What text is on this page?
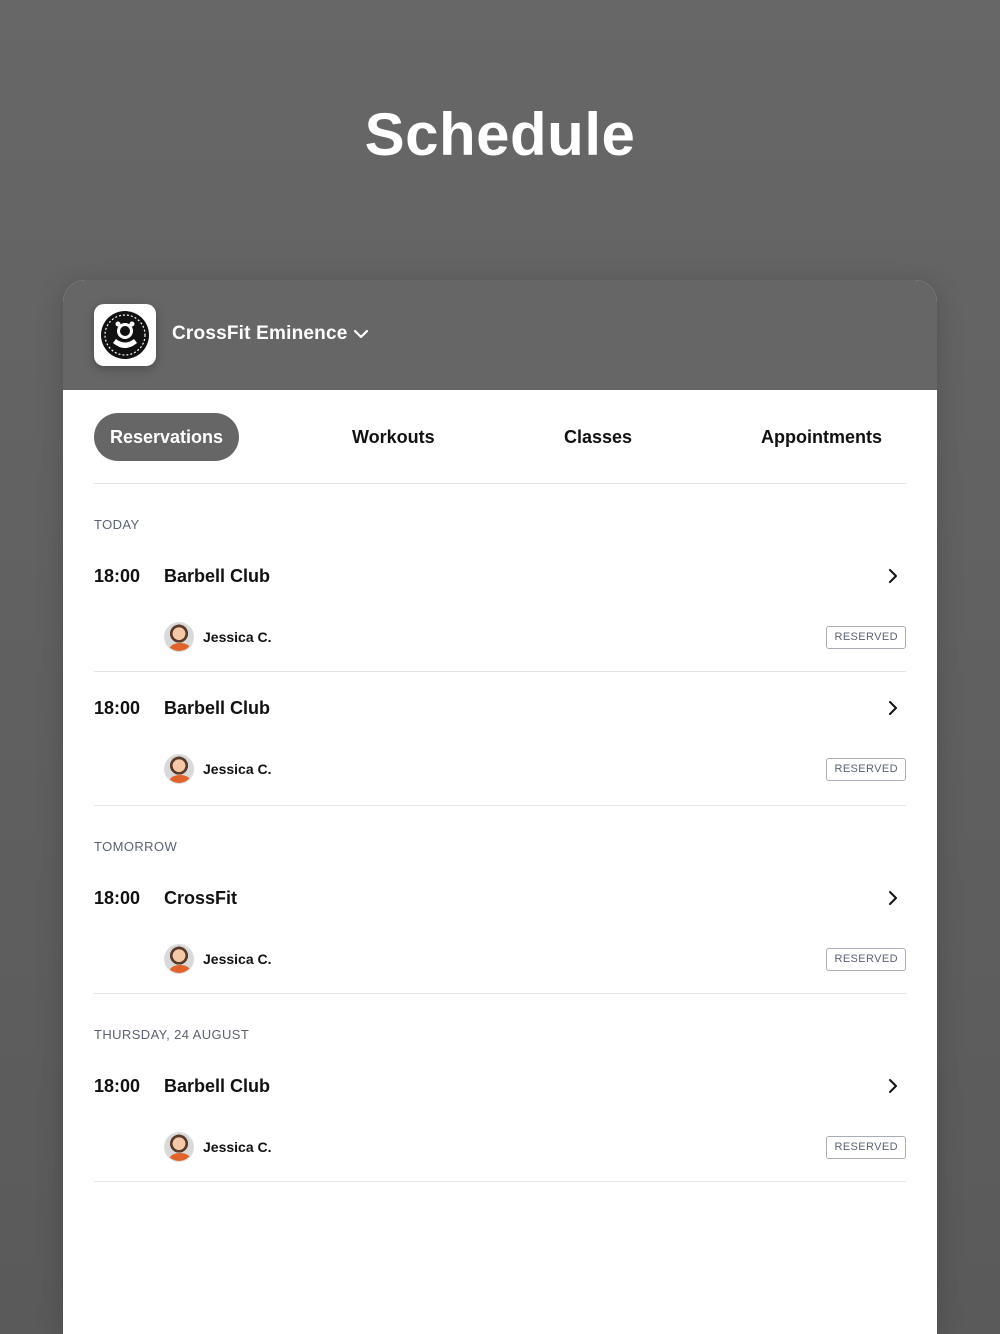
Schedule
CrossFit Eminence
Reservations	Workouts	Classes	Appointments
TODAY
18:00 Barbell Club
Jessica C.	RESERVED
18:00 Barbell Club
Jessica C.	RESERVED
TOMORROW
18:00 CrossFit
Jessica C.	RESERVED
THURSDAY, 24 AUGUST
18:00 Barbell Club
Jessica C.	RESERVED
